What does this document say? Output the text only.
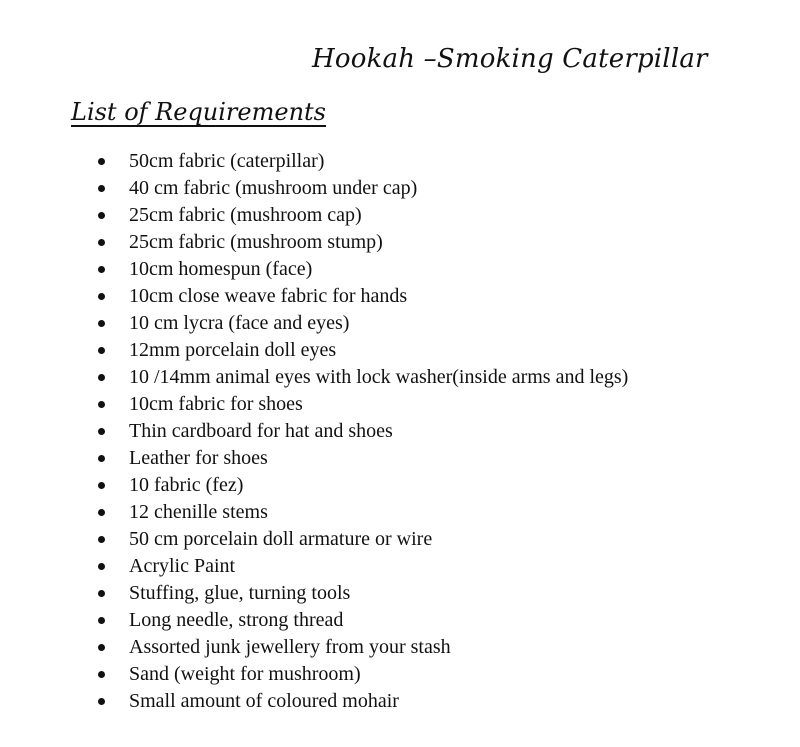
Hookah –Smoking Caterpillar
List of Requirements
50cm fabric (caterpillar)
40 cm fabric (mushroom under cap)
25cm fabric (mushroom cap)
25cm fabric (mushroom stump)
10cm homespun (face)
10cm close weave fabric for hands
10 cm lycra (face and eyes)
12mm porcelain doll eyes
10 /14mm animal eyes with lock washer(inside arms and legs)
10cm fabric for shoes
Thin cardboard for hat and shoes
Leather for shoes
10 fabric (fez)
12 chenille stems
50 cm porcelain doll armature or wire
Acrylic Paint
Stuffing, glue, turning tools
Long needle, strong thread
Assorted junk jewellery from your stash
Sand (weight for mushroom)
Small amount of coloured mohair
